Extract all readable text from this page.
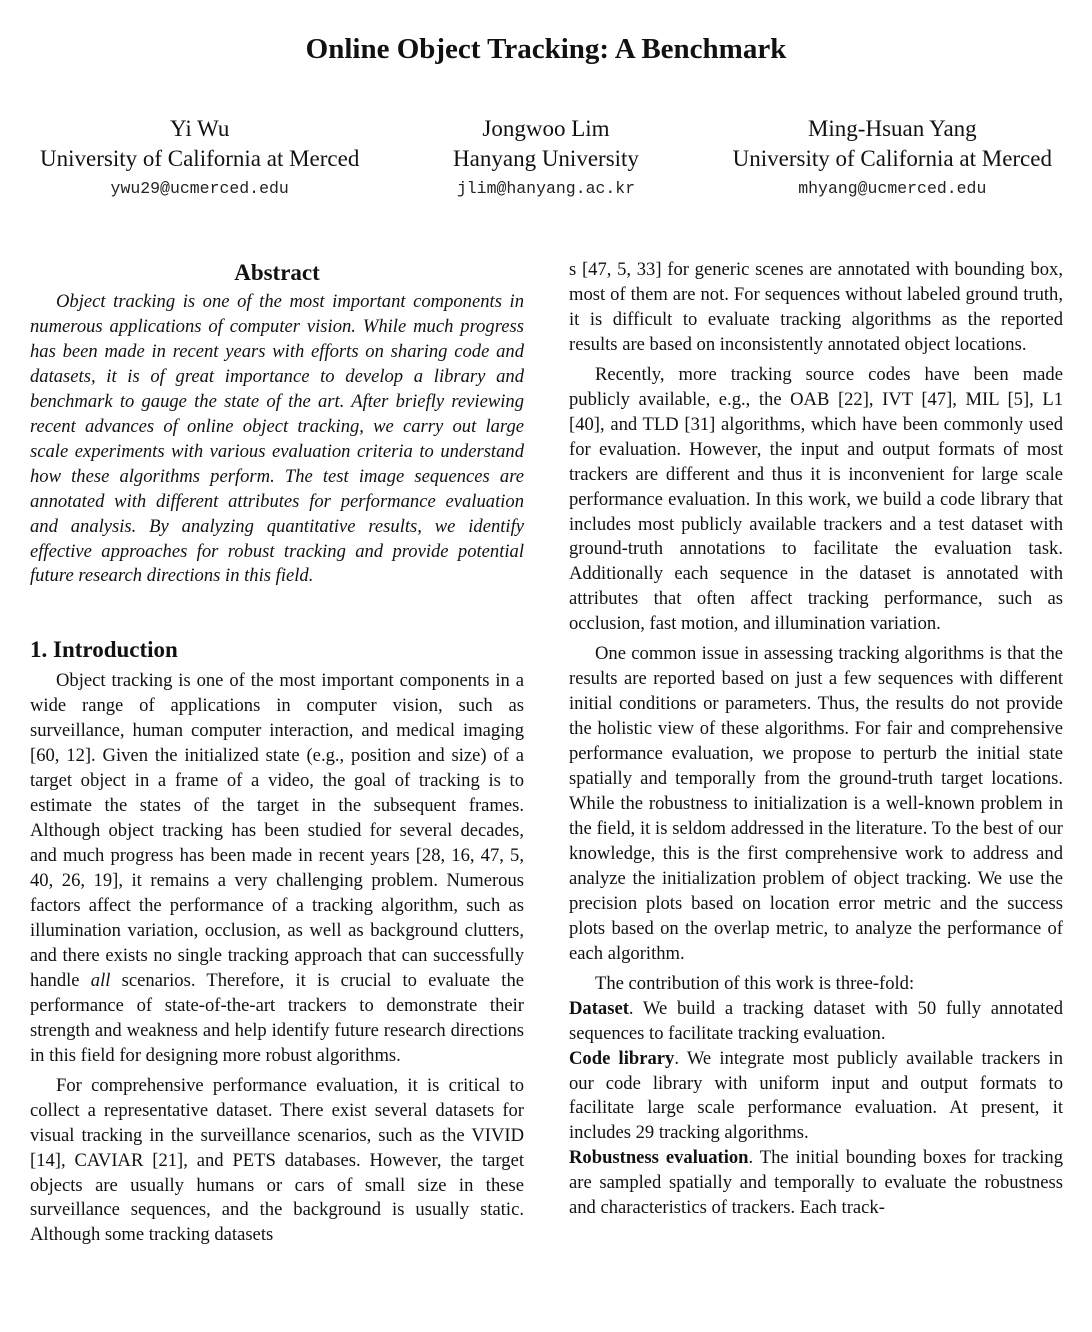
Online Object Tracking: A Benchmark
Yi Wu
University of California at Merced
ywu29@ucmerced.edu
Jongwoo Lim
Hanyang University
jlim@hanyang.ac.kr
Ming-Hsuan Yang
University of California at Merced
mhyang@ucmerced.edu
Abstract

Object tracking is one of the most important components in numerous applications of computer vision. While much progress has been made in recent years with efforts on sharing code and datasets, it is of great importance to develop a library and benchmark to gauge the state of the art. After briefly reviewing recent advances of online object tracking, we carry out large scale experiments with various evaluation criteria to understand how these algorithms perform. The test image sequences are annotated with different attributes for performance evaluation and analysis. By analyzing quantitative results, we identify effective approaches for robust tracking and provide potential future research directions in this field.

1. Introduction

Object tracking is one of the most important components in a wide range of applications in computer vision, such as surveillance, human computer interaction, and medical imaging [60, 12]. Given the initialized state (e.g., position and size) of a target object in a frame of a video, the goal of tracking is to estimate the states of the target in the subsequent frames. Although object tracking has been studied for several decades, and much progress has been made in recent years [28, 16, 47, 5, 40, 26, 19], it remains a very challenging problem. Numerous factors affect the performance of a tracking algorithm, such as illumination variation, occlusion, as well as background clutters, and there exists no single tracking approach that can successfully handle all scenarios. Therefore, it is crucial to evaluate the performance of state-of-the-art trackers to demonstrate their strength and weakness and help identify future research directions in this field for designing more robust algorithms.

For comprehensive performance evaluation, it is critical to collect a representative dataset. There exist several datasets for visual tracking in the surveillance scenarios, such as the VIVID [14], CAVIAR [21], and PETS databases. However, the target objects are usually humans or cars of small size in these surveillance sequences, and the background is usually static. Although some tracking datasets

s [47, 5, 33] for generic scenes are annotated with bounding box, most of them are not. For sequences without labeled ground truth, it is difficult to evaluate tracking algorithms as the reported results are based on inconsistently annotated object locations.

Recently, more tracking source codes have been made publicly available, e.g., the OAB [22], IVT [47], MIL [5], L1 [40], and TLD [31] algorithms, which have been commonly used for evaluation. However, the input and output formats of most trackers are different and thus it is inconvenient for large scale performance evaluation. In this work, we build a code library that includes most publicly available trackers and a test dataset with ground-truth annotations to facilitate the evaluation task. Additionally each sequence in the dataset is annotated with attributes that often affect tracking performance, such as occlusion, fast motion, and illumination variation.

One common issue in assessing tracking algorithms is that the results are reported based on just a few sequences with different initial conditions or parameters. Thus, the results do not provide the holistic view of these algorithms. For fair and comprehensive performance evaluation, we propose to perturb the initial state spatially and temporally from the ground-truth target locations. While the robustness to initialization is a well-known problem in the field, it is seldom addressed in the literature. To the best of our knowledge, this is the first comprehensive work to address and analyze the initialization problem of object tracking. We use the precision plots based on location error metric and the success plots based on the overlap metric, to analyze the performance of each algorithm.

The contribution of this work is three-fold:

Dataset. We build a tracking dataset with 50 fully annotated sequences to facilitate tracking evaluation.

Code library. We integrate most publicly available trackers in our code library with uniform input and output formats to facilitate large scale performance evaluation. At present, it includes 29 tracking algorithms.

Robustness evaluation. The initial bounding boxes for tracking are sampled spatially and temporally to evaluate the robustness and characteristics of trackers. Each track-
